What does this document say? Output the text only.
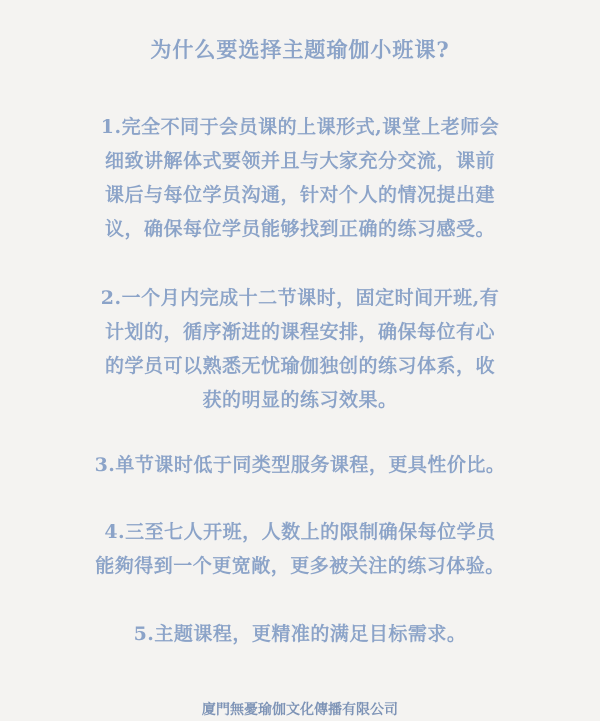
为什么要选择主题瑜伽小班课?
1.完全不同于会员课的上课形式,课堂上老师会
细致讲解体式要领并且与大家充分交流，课前
课后与每位学员沟通，针对个人的情况提出建
议，确保每位学员能够找到正确的练习感受。
2.一个月内完成十二节课时，固定时间开班,有
计划的，循序渐进的课程安排，确保每位有心
的学员可以熟悉无忧瑜伽独创的练习体系，收
获的明显的练习效果。
3.单节课时低于同类型服务课程，更具性价比。
4.三至七人开班，人数上的限制确保每位学员
能夠得到一个更宽敞，更多被关注的练习体验。
5.主题课程，更精准的满足目标需求。
廈門無憂瑜伽文化傳播有限公司
